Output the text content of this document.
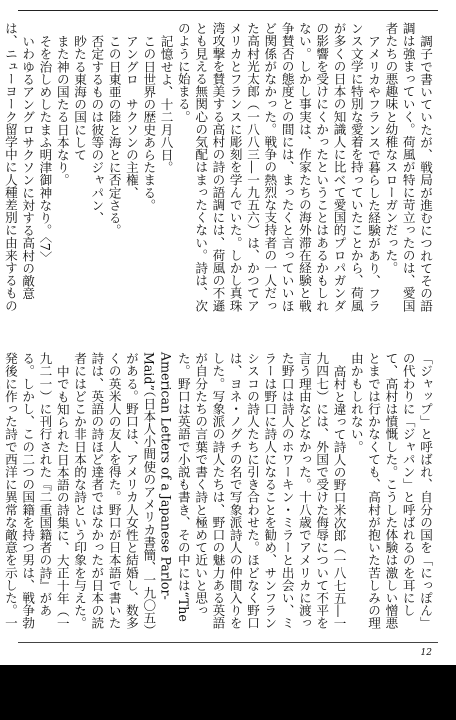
調子で書いていたが、戦局が進むにつれてその語調は強まっていく。荷風が特に苛立ったのは、愛国者たちの悪趣味と幼稚なスローガンだった。

アメリカやフランスで暮らした経験があり、フランス文学に特別な愛着を持っていたことから、荷風が多くの日本の知識人に比べて愛国的プロパガンダの影響を受けにくかったということはあるかもしれない。しかし事実は、作家たちの海外滞在経験と戦争賛否の態度との間には、まったくと言っていいほど関係がなかった。戦争の熱烈な支持者の一人だった高村光太郎（一八八三―一九五六）は、かつてアメリカとフランスに彫刻を学んでいた。しかし真珠湾攻撃を賛美する高村の詩の語調には、荷風の不遜とも見える無関心の気配はまったくない。詩は、次のように始まる。

記憶せよ、十二月八日。

この日世界の歴史あらたまる。

アングロ　サクソンの主権、

この日東亜の陸と海とに否定さる。

否定するものは彼等のジャパン、

眇たる東海の国にして

また神の国たる日本なり。

そを治しめしたまふ明津御神なり。〈7〉

いわゆるアングロサクソンに対する高村の敵意は、ニューヨーク留学中に人種差別に由来するもの

「ジャップ」と呼ばれ、自分の国を「にっぽん」の代わりに「ジャパン」と呼ばれるのを耳にして、高村は憤慨した。こうした体験は激しい憎悪とまでは行かなくても、高村が抱いた苦しみの理由かもしれない。

高村と違って詩人の野口米次郎（一八七五―一九四七）には、外国で受けた侮辱について不平を言う理由などなかった。十八歳でアメリカに渡った野口は詩人のホワーキン・ミラーと出会い、ミラーは野口に詩人になることを勧め、サンフランシスコの詩人たちに引き合わせた。ほどなく野口は、ヨネ・ノグチの名で写象派詩人の仲間入りをした。写象派の詩人たちは、野口の魅力ある英語が自分たちの言葉で書く詩と極めて近いと思った。野口は英語で小説も書き、その中には“The American Letters of a Japanese Parlor-Maid”（日本人小間使のアメリカ書簡、一九〇五）がある。野口は、アメリカ人女性と結婚し、数多くの英米人の友人を得た。野口が日本語で書いた詩は、英語の詩ほど達者ではなかったが日本の読者にはどこか非日本的な詩という印象を与えた。

中でも知られた日本語の詩集に、大正十年（一九二一）に刊行された『二重国籍者の詩』がある。しかし、この二つの国籍を持つ男は、戦争勃発後に作った詩で西洋に異常な敵意を示した。一

12
